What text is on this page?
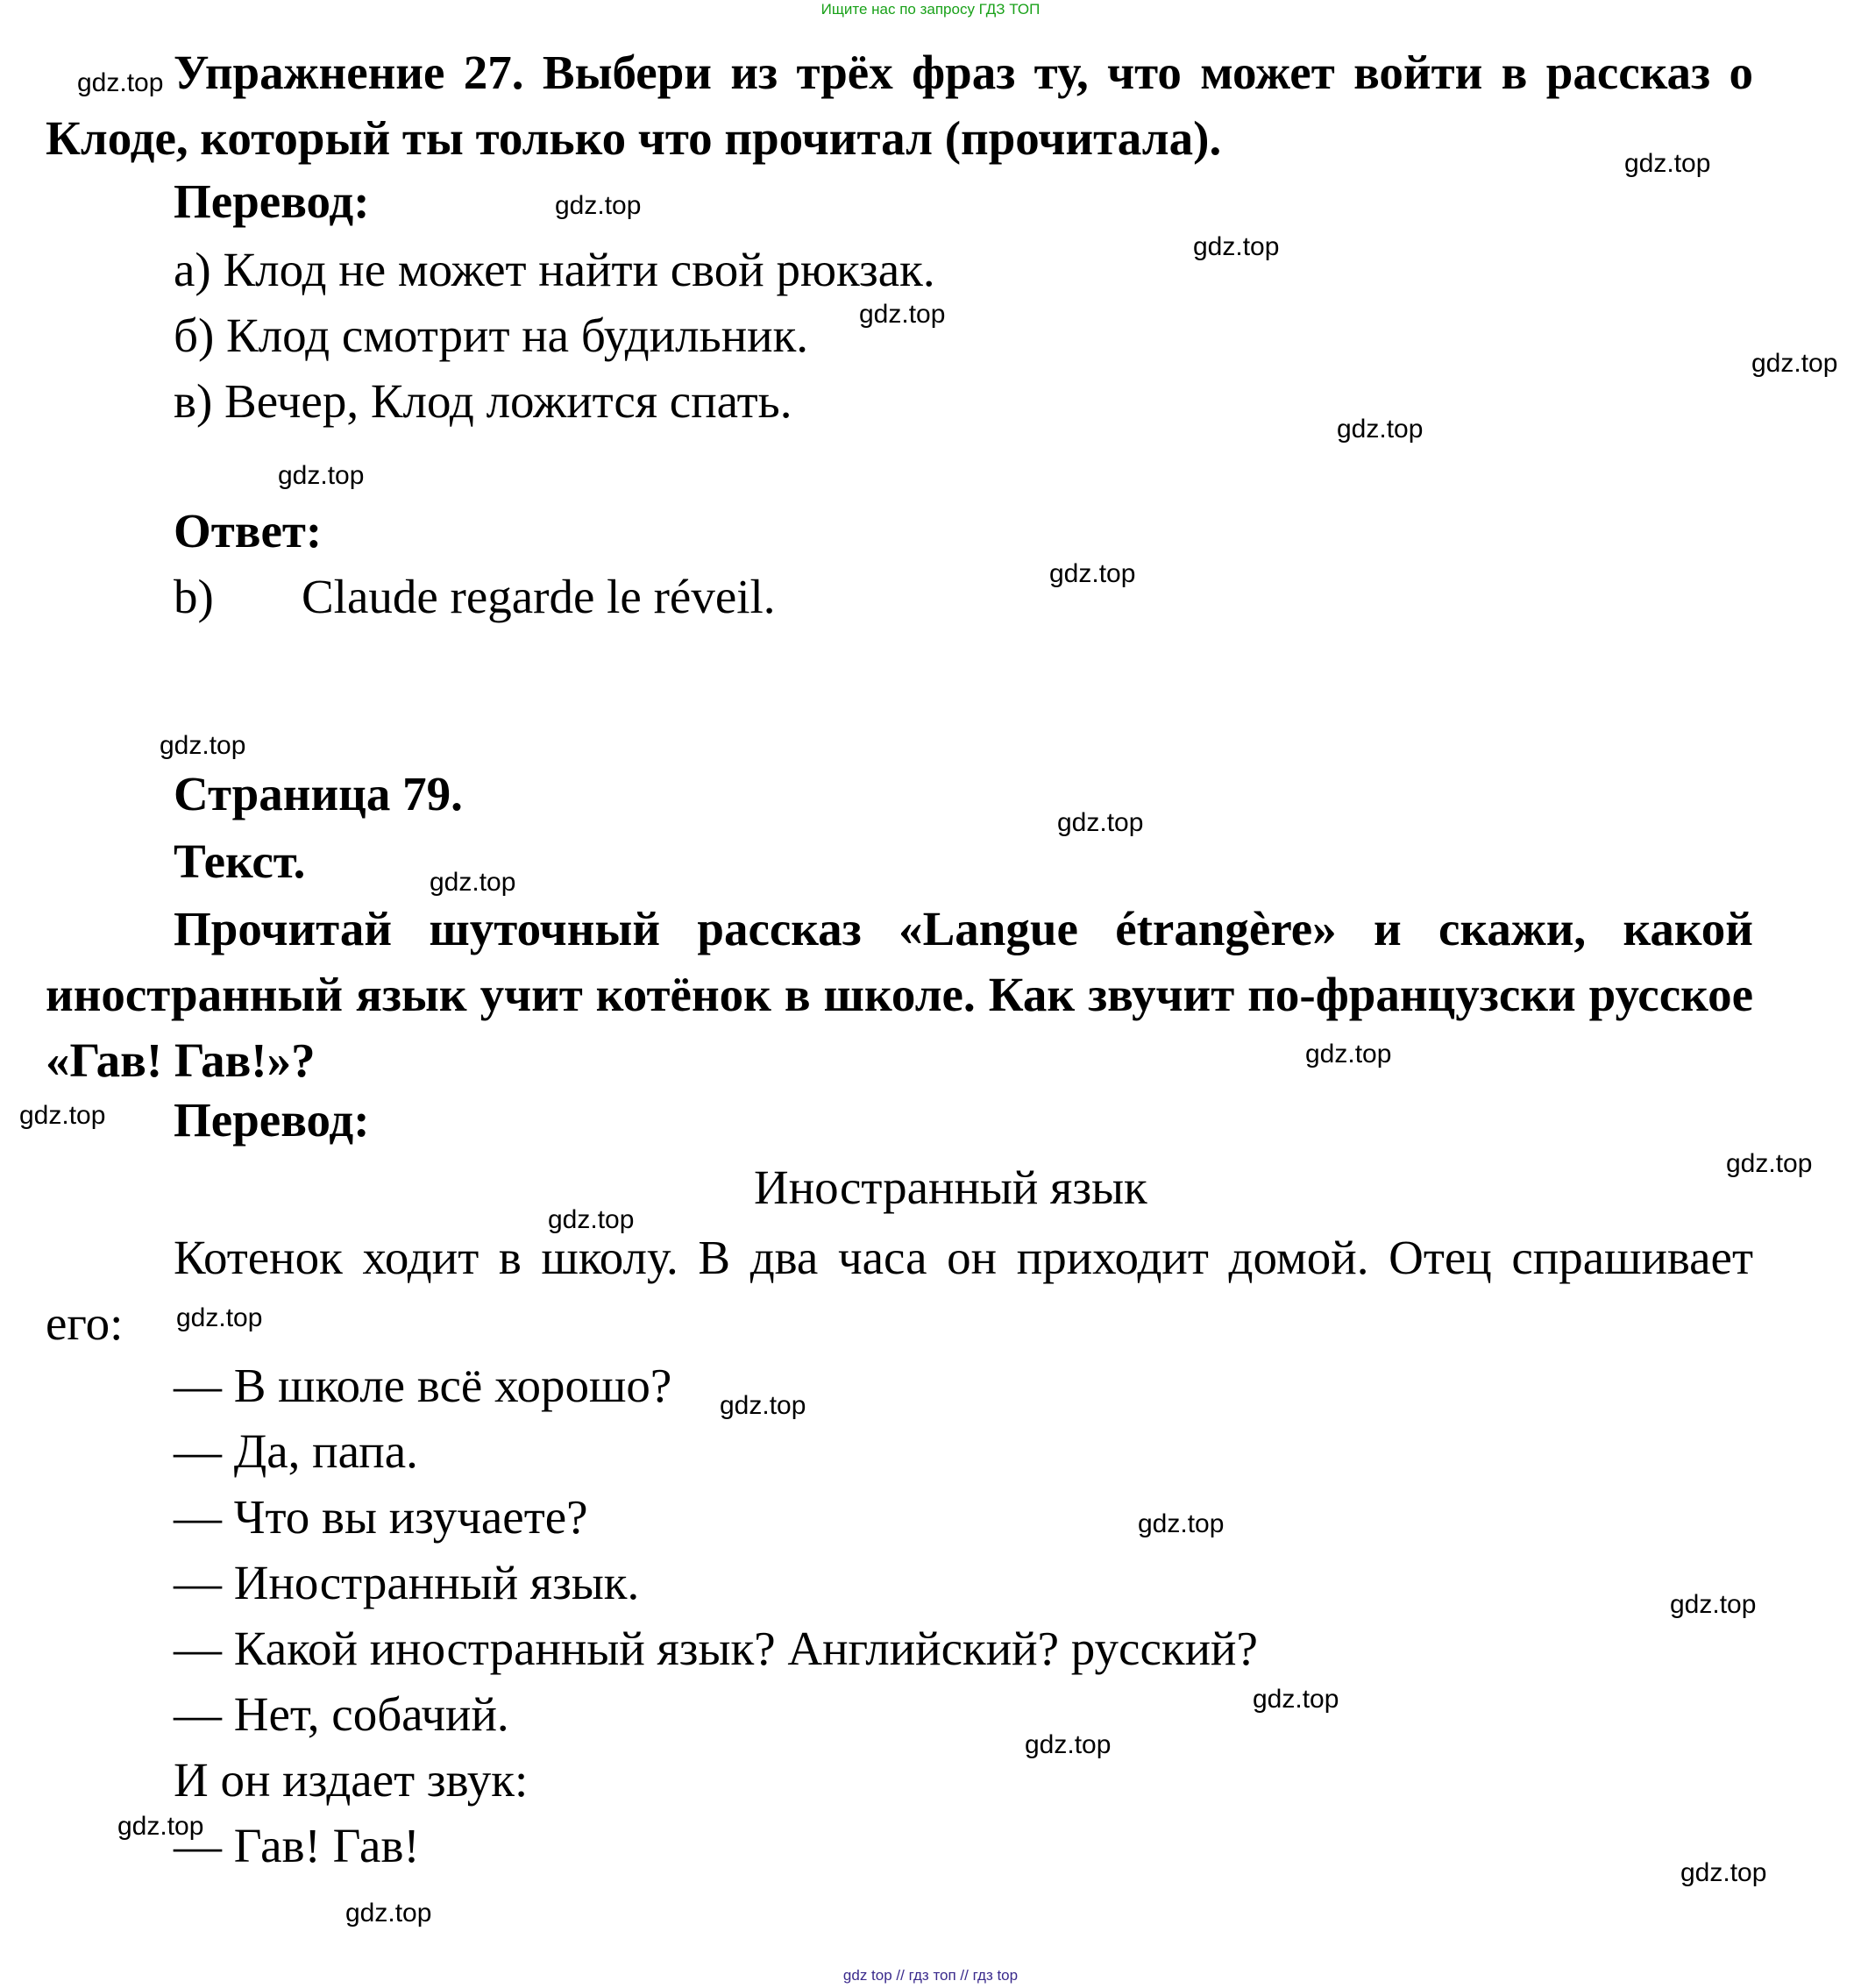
Ищите нас по запросу ГДЗ ТОП
Упражнение 27. Выбери из трёх фраз ту, что может войти в рассказ о Клоде, который ты только что прочитал (прочитала).
Перевод:
а) Клод не может найти свой рюкзак.
б) Клод смотрит на будильник.
в) Вечер, Клод ложится спать.
Ответ:
b) Claude regarde le réveil.
Страница 79.
Текст.
Прочитай шуточный рассказ «Langue étrangère» и скажи, какой иностранный язык учит котёнок в школе. Как звучит по-французски русское «Гав! Гав!»?
Перевод:
Иностранный язык
Котенок ходит в школу. В два часа он приходит домой. Отец спрашивает его:
— В школе всё хорошо?
— Да, папа.
— Что вы изучаете?
— Иностранный язык.
— Какой иностранный язык? Английский? русский?
— Нет, собачий.
И он издает звук:
— Гав! Гав!
gdz.top
gdz.top
gdz.top
gdz.top
gdz.top
gdz.top
gdz.top
gdz.top
gdz.top
gdz.top
gdz.top
gdz.top
gdz.top
gdz.top
gdz.top
gdz.top
gdz.top
gdz.top
gdz.top
gdz.top
gdz.top
gdz.top
gdz.top
gdz.top
gdz.top
gdz top // гдз топ // гдз top
